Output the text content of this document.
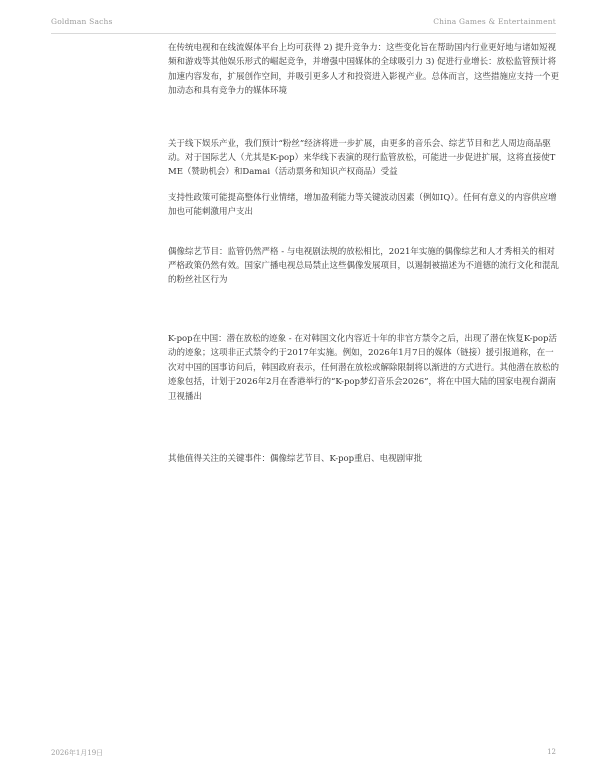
Goldman Sachs	China Games & Entertainment

在传统电视和在线流媒体平台上均可获得 2) 提升竞争力：这些变化旨在帮助国内行业更好地与诸如短视频和游戏等其他娱乐形式的崛起竞争，并增强中国媒体的全球吸引力 3) 促进行业增长：放松监管预计将加速内容发布，扩展创作空间，并吸引更多人才和投资进入影视产业。总体而言，这些措施应支持一个更加动态和具有竞争力的媒体环境

关于线下娱乐产业，我们预计“粉丝”经济将进一步扩展，由更多的音乐会、综艺节目和艺人周边商品驱动。对于国际艺人（尤其是K-pop）来华线下表演的现行监管放松，可能进一步促进扩展，这将直接使TME（赞助机会）和Damai（活动票务和知识产权商品）受益

支持性政策可能提高整体行业情绪，增加盈利能力等关键波动因素（例如IQ）。任何有意义的内容供应增加也可能刺激用户支出

偶像综艺节目：监管仍然严格 - 与电视剧法规的放松相比，2021年实施的偶像综艺和人才秀相关的相对严格政策仍然有效。国家广播电视总局禁止这些偶像发展项目，以遏制被描述为不道德的流行文化和混乱的粉丝社区行为

K-pop在中国：潜在放松的迹象 - 在对韩国文化内容近十年的非官方禁令之后，出现了潜在恢复K-pop活动的迹象；这项非正式禁令约于2017年实施。例如，2026年1月7日的媒体（链接）援引报道称，在一次对中国的国事访问后，韩国政府表示，任何潜在放松或解除限制将以渐进的方式进行。其他潜在放松的迹象包括，计划于2026年2月在香港举行的“K-pop梦幻音乐会2026”，将在中国大陆的国家电视台湖南卫视播出

其他值得关注的关键事件：偶像综艺节目、K-pop重启、电视剧审批

2026年1月19日	12
